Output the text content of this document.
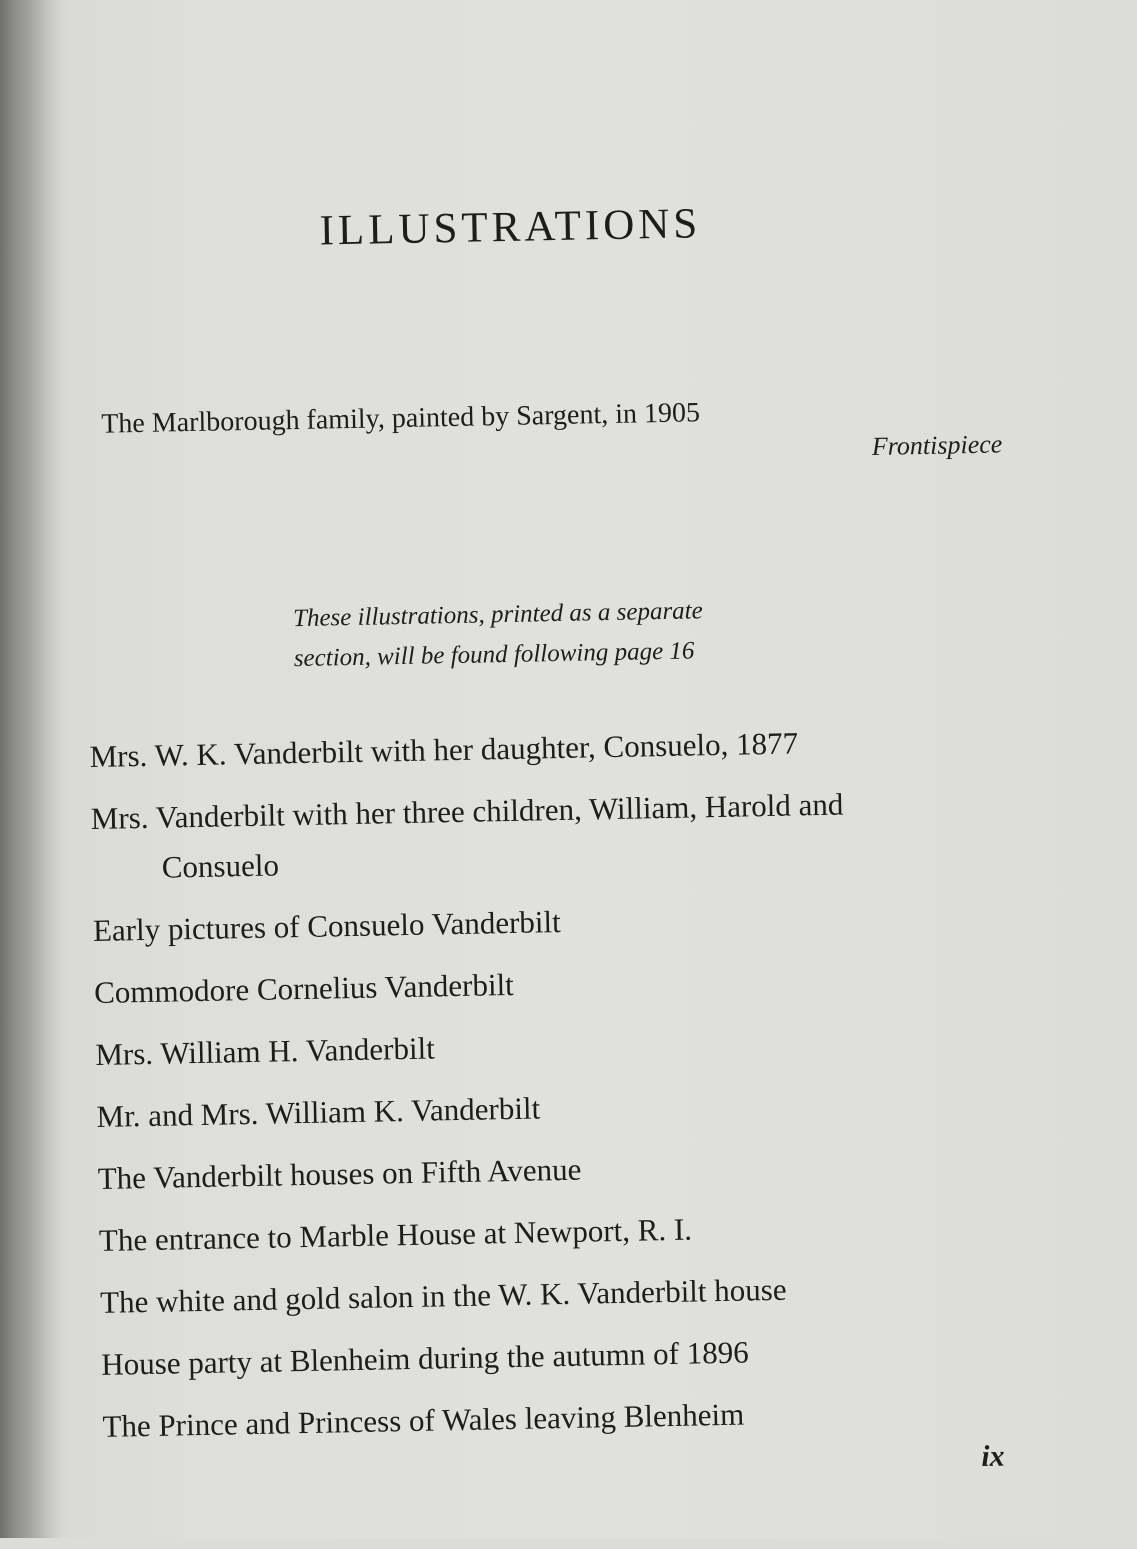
ILLUSTRATIONS
The Marlborough family, painted by Sargent, in 1905
Frontispiece
These illustrations, printed as a separate
section, will be found following page 16
Mrs. W. K. Vanderbilt with her daughter, Consuelo, 1877
Mrs. Vanderbilt with her three children, William, Harold and
Consuelo
Early pictures of Consuelo Vanderbilt
Commodore Cornelius Vanderbilt
Mrs. William H. Vanderbilt
Mr. and Mrs. William K. Vanderbilt
The Vanderbilt houses on Fifth Avenue
The entrance to Marble House at Newport, R. I.
The white and gold salon in the W. K. Vanderbilt house
House party at Blenheim during the autumn of 1896
The Prince and Princess of Wales leaving Blenheim
ix
